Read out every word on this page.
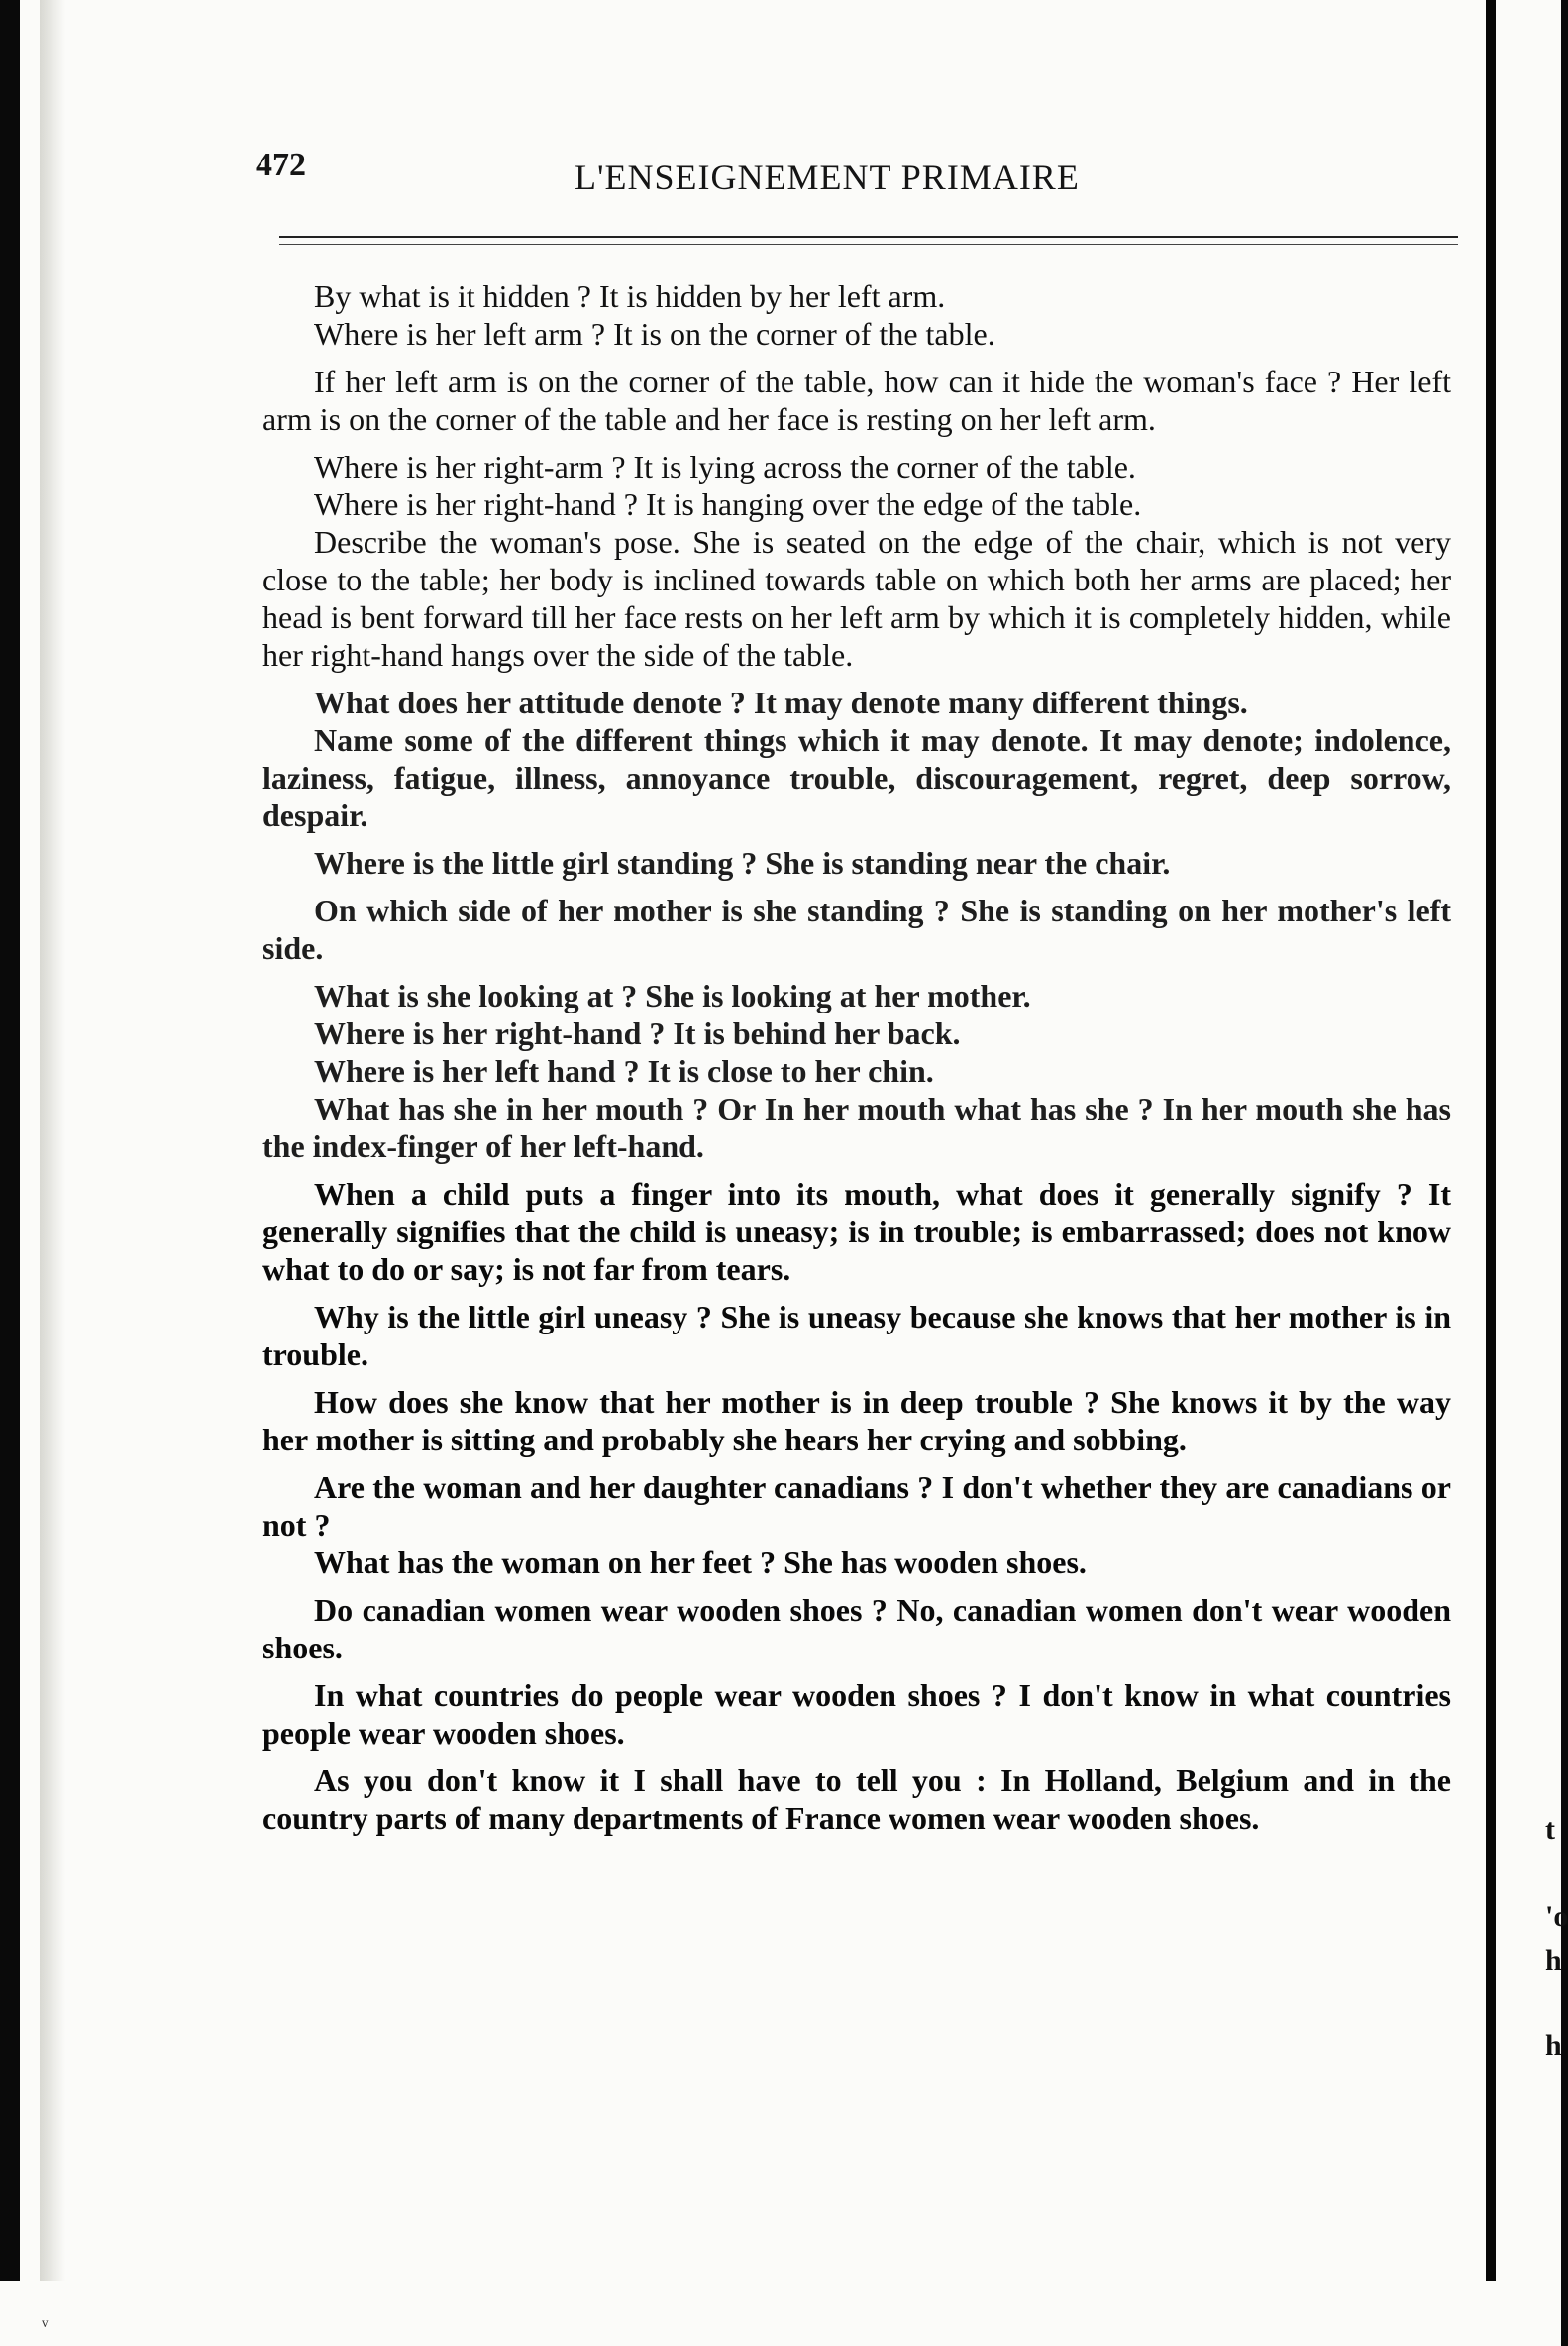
472	L'ENSEIGNEMENT PRIMAIRE

By what is it hidden ? It is hidden by her left arm.

Where is her left arm ? It is on the corner of the table.

If her left arm is on the corner of the table, how can it hide the woman's face ? Her left arm is on the corner of the table and her face is resting on her left arm.

Where is her right-arm ? It is lying across the corner of the table.

Where is her right-hand ? It is hanging over the edge of the table.

Describe the woman's pose. She is seated on the edge of the chair, which is not very close to the table; her body is inclined towards table on which both her arms are placed; her head is bent forward till her face rests on her left arm by which it is completely hidden, while her right-hand hangs over the side of the table.

What does her attitude denote ? It may denote many different things.

Name some of the different things which it may denote. It may denote; indolence, laziness, fatigue, illness, annoyance trouble, discouragement, regret, deep sorrow, despair.

Where is the little girl standing ? She is standing near the chair.

On which side of her mother is she standing ? She is standing on her mother's left side.

What is she looking at ? She is looking at her mother.

Where is her right-hand ? It is behind her back.

Where is her left hand ? It is close to her chin.

What has she in her mouth ? Or In her mouth what has she ? In her mouth she has the index-finger of her left-hand.

When a child puts a finger into its mouth, what does it generally signify ? It generally signifies that the child is uneasy; is in trouble; is embarrassed; does not know what to do or say; is not far from tears.

Why is the little girl uneasy ? She is uneasy because she knows that her mother is in trouble.

How does she know that her mother is in deep trouble ? She knows it by the way her mother is sitting and probably she hears her crying and sobbing.

Are the woman and her daughter canadians ? I don't whether they are canadians or not ?

What has the woman on her feet ? She has wooden shoes.

Do canadian women wear wooden shoes ? No, canadian women don't wear wooden shoes.

In what countries do people wear wooden shoes ? I don't know in what countries people wear wooden shoes.

As you don't know it I shall have to tell you : In Holland, Belgium and in the country parts of many departments of France women wear wooden shoes.	t
'o
h
h
ᵛ
